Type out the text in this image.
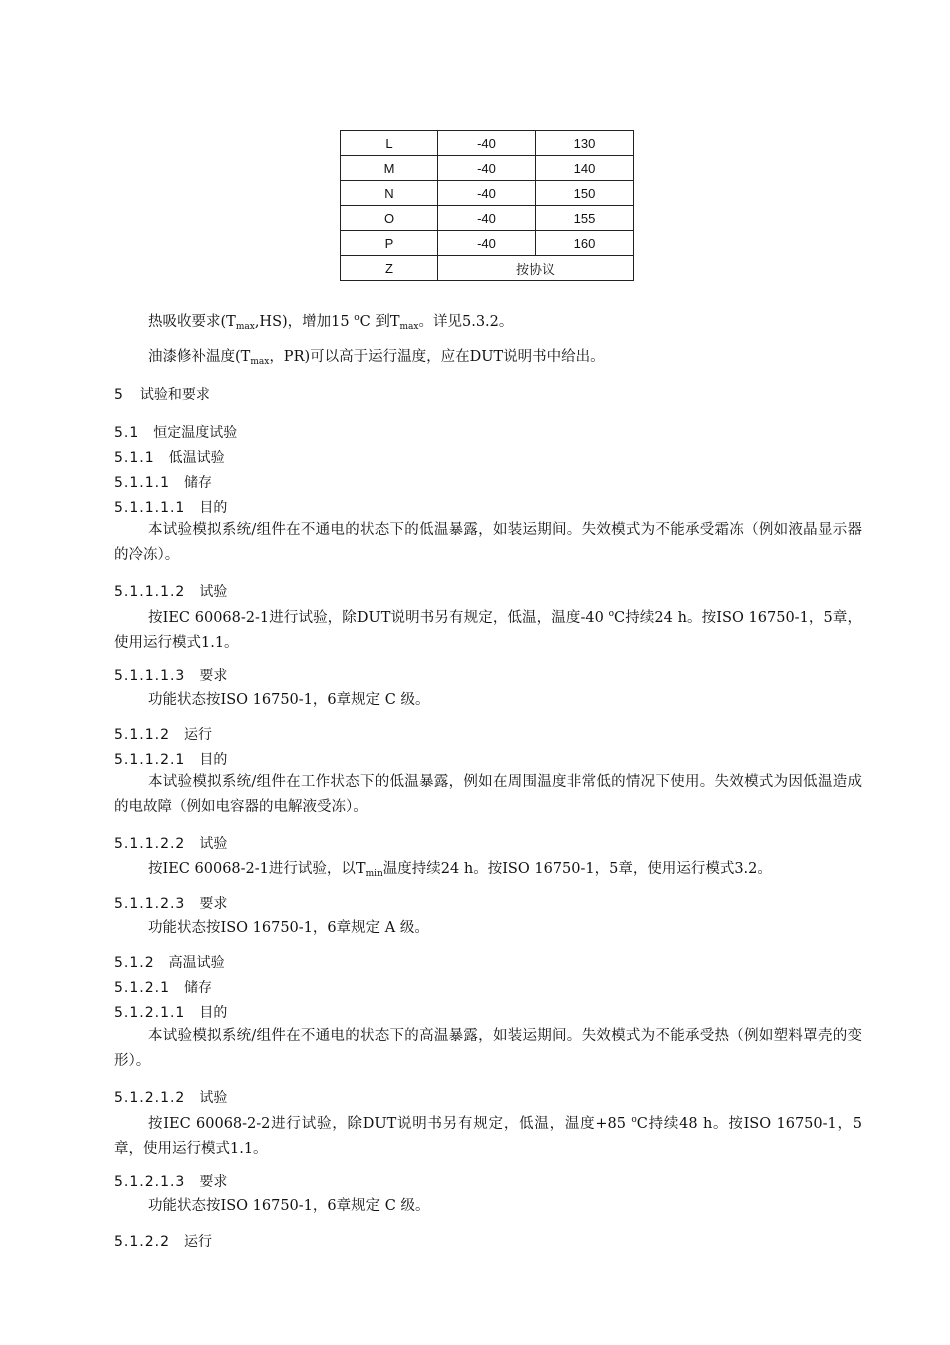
L	-40	130
M	-40	140
N	-40	150
O	-40	155
P	-40	160
Z	按协议	

热吸收要求$(T_{max},HS)$，增加15 $^o$C 到$T_{max}$。详见5.3.2。

油漆修补温度($T_{max}$，PR)可以高于运行温度，应在DUT说明书中给出。

5 试验和要求

5.1 恒定温度试验

5.1.1 低温试验

5.1.1.1 储存

5.1.1.1.1 目的

本试验模拟系统/组件在不通电的状态下的低温暴露，如装运期间。失效模式为不能承受霜冻（例如液晶显示器的冷冻）。

5.1.1.1.2 试验

按IEC 60068-2-1进行试验，除DUT说明书另有规定，低温，温度-40 $^o$C持续24 h。按ISO 16750-1，5章，使用运行模式1.1。

5.1.1.1.3 要求

功能状态按ISO 16750-1，6章规定 C 级。

5.1.1.2 运行

5.1.1.2.1 目的

本试验模拟系统/组件在工作状态下的低温暴露，例如在周围温度非常低的情况下使用。失效模式为因低温造成的电故障（例如电容器的电解液受冻）。

5.1.1.2.2 试验

按IEC 60068-2-1进行试验，以$T_{min}$温度持续24 h。按ISO 16750-1，5章，使用运行模式3.2。

5.1.1.2.3 要求

功能状态按ISO 16750-1，6章规定 A 级。

5.1.2 高温试验

5.1.2.1 储存

5.1.2.1.1 目的

本试验模拟系统/组件在不通电的状态下的高温暴露，如装运期间。失效模式为不能承受热（例如塑料罩壳的变形）。

5.1.2.1.2 试验

按IEC 60068-2-2进行试验，除DUT说明书另有规定，低温，温度+85 $^o$C持续48 h。按ISO 16750-1，5章，使用运行模式1.1。

5.1.2.1.3 要求

功能状态按ISO 16750-1，6章规定 C 级。

5.1.2.2 运行
